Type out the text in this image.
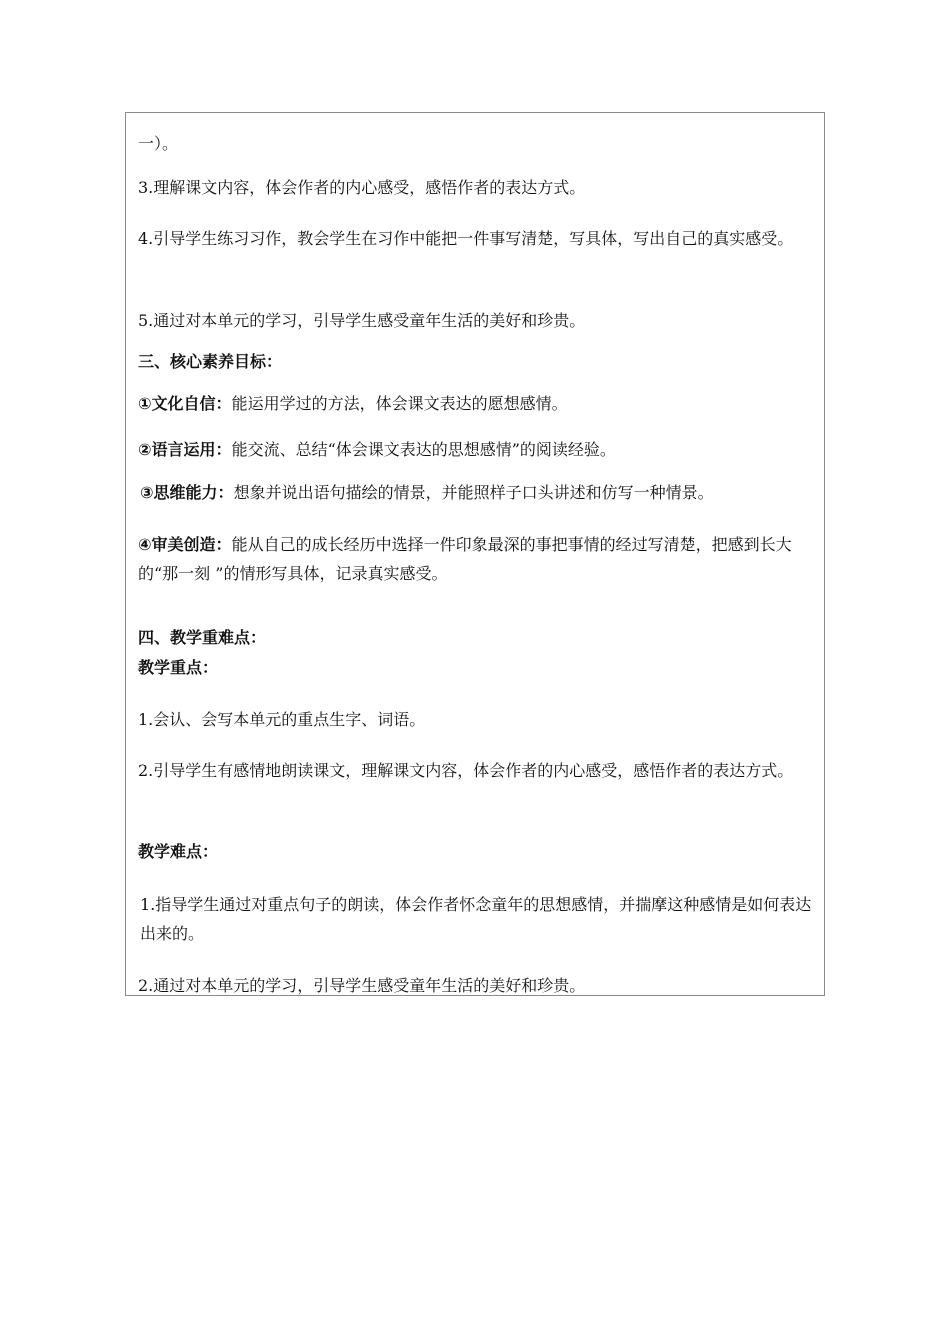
一）。
3.理解课文内容，体会作者的内心感受，感悟作者的表达方式。
4.引导学生练习习作，教会学生在习作中能把一件事写清楚，写具体，写出自己的真实感受。
5.通过对本单元的学习，引导学生感受童年生活的美好和珍贵。
三、核心素养目标：
①文化自信：能运用学过的方法，体会课文表达的愿想感情。
②语言运用：能交流、总结“体会课文表达的思想感情”的阅读经验。
③思维能力：想象并说出语句描绘的情景，并能照样子口头讲述和仿写一种情景。
④审美创造：能从自己的成长经历中选择一件印象最深的事把事情的经过写清楚，把感到长大的“那一刻 ”的情形写具体，记录真实感受。
四、教学重难点：
教学重点：
1.会认、会写本单元的重点生字、词语。
2.引导学生有感情地朗读课文，理解课文内容，体会作者的内心感受，感悟作者的表达方式。
教学难点：
1.指导学生通过对重点句子的朗读，体会作者怀念童年的思想感情，并揣摩这种感情是如何表达出来的。
2.通过对本单元的学习，引导学生感受童年生活的美好和珍贵。
